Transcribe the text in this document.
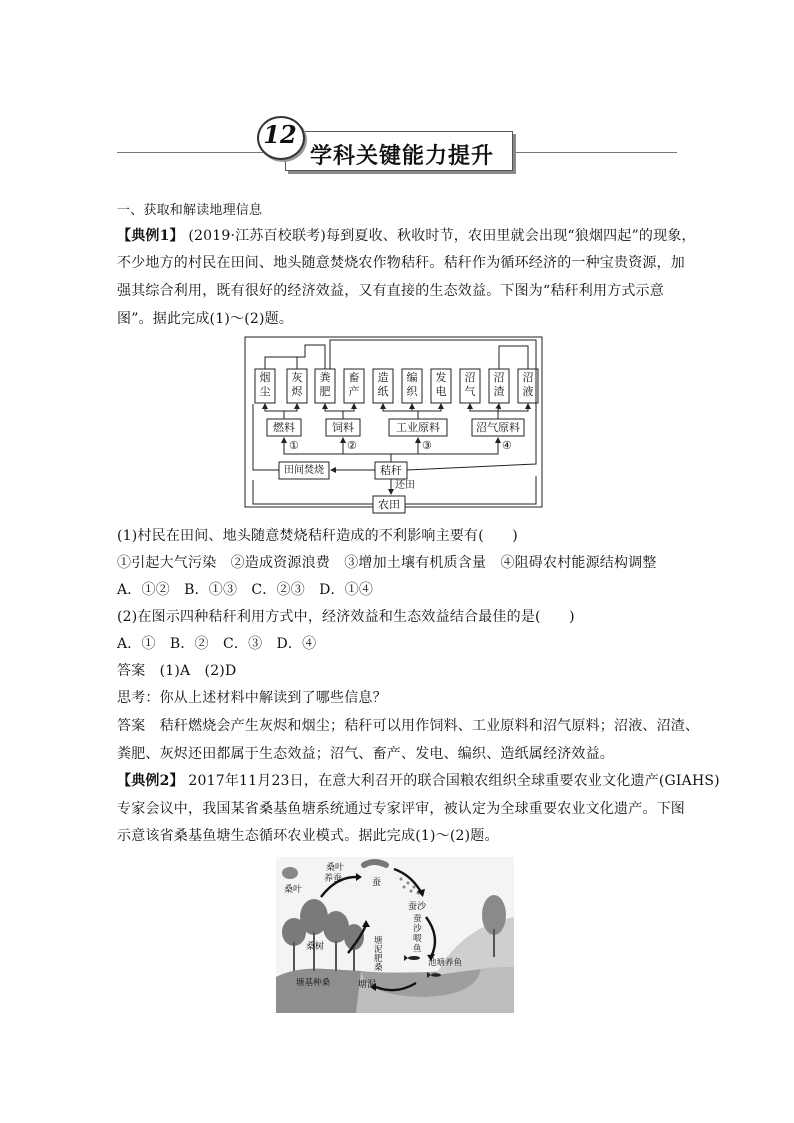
学科关键能力提升
12
一、获取和解读地理信息
【典例1】 (2019·江苏百校联考)每到夏收、秋收时节，农田里就会出现“狼烟四起”的现象，
不少地方的村民在田间、地头随意焚烧农作物秸秆。秸秆作为循环经济的一种宝贵资源，加
强其综合利用，既有很好的经济效益，又有直接的生态效益。下图为“秸秆利用方式示意
图”。据此完成(1)～(2)题。
烟尘
灰烬
粪肥
畜产
造纸
编织
发电
沼气
沼渣
沼液
燃料	饲料	工业原料	沼气原料
①	②	③	④
田间焚烧	秸秆
还田
农田
(1)村民在田间、地头随意焚烧秸秆造成的不利影响主要有(　　)
①引起大气污染　②造成资源浪费　③增加土壤有机质含量　④阻碍农村能源结构调整
A．①②　B．①③　C．②③　D．①④
(2)在图示四种秸秆利用方式中，经济效益和生态效益结合最佳的是(　　)
A．①　B．②　C．③　D．④
答案　(1)A　(2)D
思考：你从上述材料中解读到了哪些信息？
答案　秸秆燃烧会产生灰烬和烟尘；秸秆可以用作饲料、工业原料和沼气原料；沼液、沼渣、
粪肥、灰烬还田都属于生态效益；沼气、畜产、发电、编织、造纸属经济效益。
【典例2】 2017年11月23日，在意大利召开的联合国粮农组织全球重要农业文化遗产(GIAHS)
专家会议中，我国某省桑基鱼塘系统通过专家评审，被认定为全球重要农业文化遗产。下图
示意该省桑基鱼塘生态循环农业模式。据此完成(1)～(2)题。
桑叶
桑叶
养蚕	蚕
蚕沙
桑树
塘基种桑	塘泥
池塘养鱼
蚕
沙
喂
鱼
塘
泥
肥
桑
